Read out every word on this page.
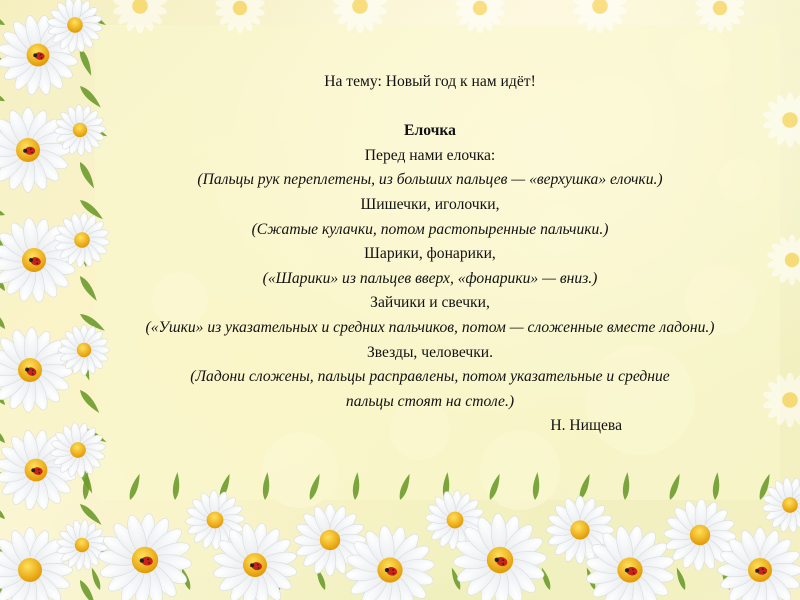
На тему: Новый год к нам идёт!
Елочка
Перед нами елочка:
(Пальцы рук переплетены, из больших пальцев — «верхушка» елочки.)
Шишечки, иголочки,
(Сжатые кулачки, потом растопыренные пальчики.)
Шарики, фонарики,
(«Шарики» из пальцев вверх, «фонарики» — вниз.)
Зайчики и свечки,
(«Ушки» из указательных и средних пальчиков, потом — сложенные вместе ладони.)
Звезды, человечки.
(Ладони сложены, пальцы расправлены, потом указательные и средние пальцы стоят на столе.)
Н. Нищева
